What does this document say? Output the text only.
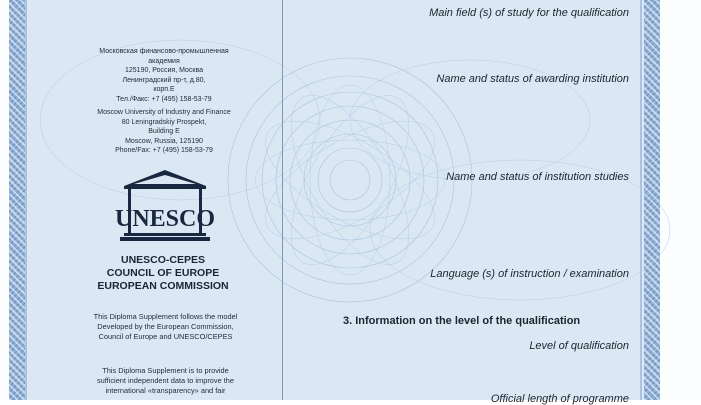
Московская финансово-промышленная академия
125190, Россия, Москва
Ленинградский пр-т, д.80,
корп.Е
Тел./Факс: +7 (495) 158-53-79
Moscow University of Industry and Finance
80 Leningradskiy Prospekt,
Building E
Moscow, Russia, 125190
Phone/Fax: +7 (495) 158-53-79
UNESCO
UNESCO-CEPES
COUNCIL OF EUROPE
EUROPEAN COMMISSION
This Diploma Supplement follows the model
Developed by the European Commission,
Council of Europe and UNESCO/CEPES
This Diploma Supplement is to provide
sufficient independent data to improve the
international «transparency» and fair
Main field (s) of study for the qualification
Name and status of awarding institution
Name and status of institution studies
Language (s) of instruction / examination
3. Information on the level of the qualification
Level of qualification
Official length of programme
